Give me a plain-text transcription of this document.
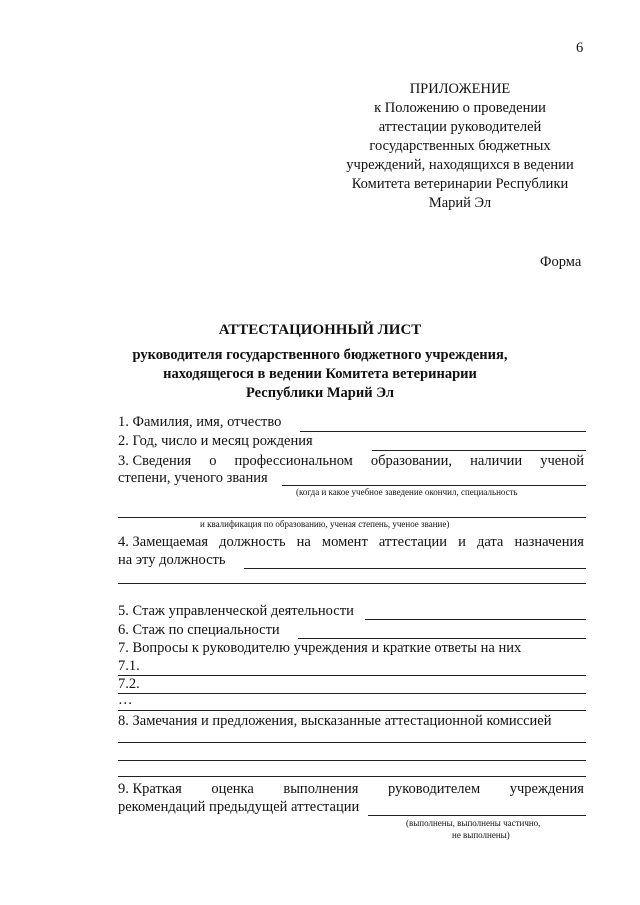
6
ПРИЛОЖЕНИЕ
к Положению о проведении
аттестации руководителей
государственных бюджетных
учреждений, находящихся в ведении
Комитета ветеринарии Республики
Марий Эл
Форма
АТТЕСТАЦИОННЫЙ ЛИСТ
руководителя государственного бюджетного учреждения,
находящегося в ведении Комитета ветеринарии
Республики Марий Эл
1. Фамилия, имя, отчество
2. Год, число и месяц рождения
3. Сведения о профессиональном образовании, наличии ученой
степени, ученого звания
(когда и какое учебное заведение окончил, специальность
и квалификация по образованию, ученая степень, ученое звание)
4. Замещаемая должность на момент аттестации и дата назначения
на эту должность
5. Стаж управленческой деятельности
6. Стаж по специальности
7. Вопросы к руководителю учреждения и краткие ответы на них
7.1.
7.2.
…
8. Замечания и предложения, высказанные аттестационной комиссией
9. Краткая оценка выполнения руководителем учреждения
рекомендаций предыдущей аттестации
(выполнены, выполнены частично,
не выполнены)
